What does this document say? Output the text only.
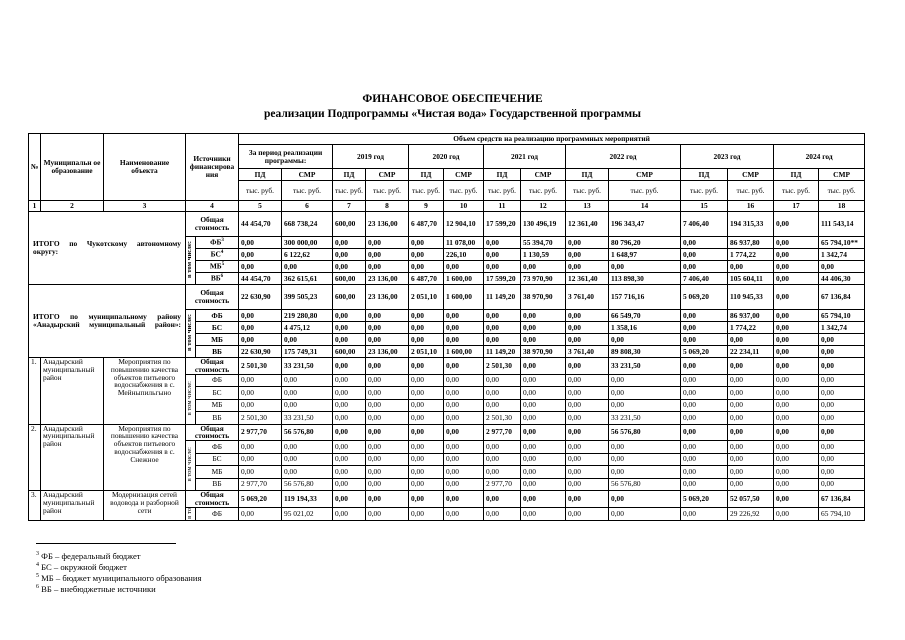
ФИНАНСОВОЕ ОБЕСПЕЧЕНИЕ
реализации Подпрограммы «Чистая вода» Государственной программы
№	Муниципальн ое образование	Наименование объекта	Источники финансирова ния		Объем средств на реализацию программных мероприятий													
					За период реализации программы:		2019 год		2020 год		2021 год		2022 год		2023 год		2024 год	
					ПД	СМР	ПД	СМР	ПД	СМР	ПД	СМР	ПД	СМР	ПД	СМР	ПД	СМР
					тыс. руб.	тыс. руб.	тыс. руб.	тыс. руб.	тыс. руб.	тыс. руб.	тыс. руб.	тыс. руб.	тыс. руб.	тыс. руб.	тыс. руб.	тыс. руб.	тыс. руб.	тыс. руб.
1	2	3	4		5	6	7	8	9	10	11	12	13	14	15	16	17	18
ИТОГО по Чукотскому автономному округу:			Общая стоимость		44 454,70	668 738,24	600,00	23 136,00	6 487,70	12 904,10	17 599,20	130 496,19	12 361,40	196 343,47	7 406,40	194 315,33	0,00	111 543,14
			в том числе:	$ФБ^3$	0,00	300 000,00	0,00	0,00	0,00	11 078,00	0,00	55 394,70	0,00	80 796,20	0,00	86 937,80	0,00	65 794,10**
				$БС^4$	0,00	6 122,62	0,00	0,00	0,00	226,10	0,00	1 130,59	0,00	1 648,97	0,00	1 774,22	0,00	1 342,74
				$МБ^5$	0,00	0,00	0,00	0,00	0,00	0,00	0,00	0,00	0,00	0,00	0,00	0,00	0,00	0,00
				$ВБ^6$	44 454,70	362 615,61	600,00	23 136,00	6 487,70	1 600,00	17 599,20	73 970,90	12 361,40	113 898,30	7 406,40	105 604,11	0,00	44 406,30
ИТОГО по муниципальному району «Анадырский муниципальный район»:			Общая стоимость		22 630,90	399 505,23	600,00	23 136,00	2 051,10	1 600,00	11 149,20	38 970,90	3 761,40	157 716,16	5 069,20	110 945,33	0,00	67 136,84
			в том числе:	ФБ	0,00	219 280,80	0,00	0,00	0,00	0,00	0,00	0,00	0,00	66 549,70	0,00	86 937,00	0,00	65 794,10
				БС	0,00	4 475,12	0,00	0,00	0,00	0,00	0,00	0,00	0,00	1 358,16	0,00	1 774,22	0,00	1 342,74
				МБ	0,00	0,00	0,00	0,00	0,00	0,00	0,00	0,00	0,00	0,00	0,00	0,00	0,00	0,00
				ВБ	22 630,90	175 749,31	600,00	23 136,00	2 051,10	1 600,00	11 149,20	38 970,90	3 761,40	89 808,30	5 069,20	22 234,11	0,00	0,00
1.	Анадырский муниципальный район	Мероприятия по повышению качества объектов питьевого водоснабжения в с. Мейныпильгыно	Общая стоимость		2 501,30	33 231,50	0,00	0,00	0,00	0,00	2 501,30	0,00	0,00	33 231,50	0,00	0,00	0,00	0,00
			в том числе:	ФБ	0,00	0,00	0,00	0,00	0,00	0,00	0,00	0,00	0,00	0,00	0,00	0,00	0,00	0,00
				БС	0,00	0,00	0,00	0,00	0,00	0,00	0,00	0,00	0,00	0,00	0,00	0,00	0,00	0,00
				МБ	0,00	0,00	0,00	0,00	0,00	0,00	0,00	0,00	0,00	0,00	0,00	0,00	0,00	0,00
				ВБ	2 501,30	33 231,50	0,00	0,00	0,00	0,00	2 501,30	0,00	0,00	33 231,50	0,00	0,00	0,00	0,00
2.	Анадырский муниципальный район	Мероприятия по повышению качества объектов питьевого водоснабжения в с. Снежное	Общая стоимость		2 977,70	56 576,80	0,00	0,00	0,00	0,00	2 977,70	0,00	0,00	56 576,80	0,00	0,00	0,00	0,00
			в том числе:	ФБ	0,00	0,00	0,00	0,00	0,00	0,00	0,00	0,00	0,00	0,00	0,00	0,00	0,00	0,00
				БС	0,00	0,00	0,00	0,00	0,00	0,00	0,00	0,00	0,00	0,00	0,00	0,00	0,00	0,00
				МБ	0,00	0,00	0,00	0,00	0,00	0,00	0,00	0,00	0,00	0,00	0,00	0,00	0,00	0,00
				ВБ	2 977,70	56 576,80	0,00	0,00	0,00	0,00	2 977,70	0,00	0,00	56 576,80	0,00	0,00	0,00	0,00
3.	Анадырский муниципальный район	Модернизация сетей водовода и разборной сети	Общая стоимость		5 069,20	119 194,33	0,00	0,00	0,00	0,00	0,00	0,00	0,00	0,00	5 069,20	52 057,50	0,00	67 136,84
			в то	ФБ	0,00	95 021,02	0,00	0,00	0,00	0,00	0,00	0,00	0,00	0,00	0,00	29 226,92	0,00	65 794,10
$^3$ ФБ – федеральный бюджет
$^4$ БС – окружной бюджет
$^5$ МБ – бюджет муниципального образования
$^6$ ВБ – внебюджетные источники
